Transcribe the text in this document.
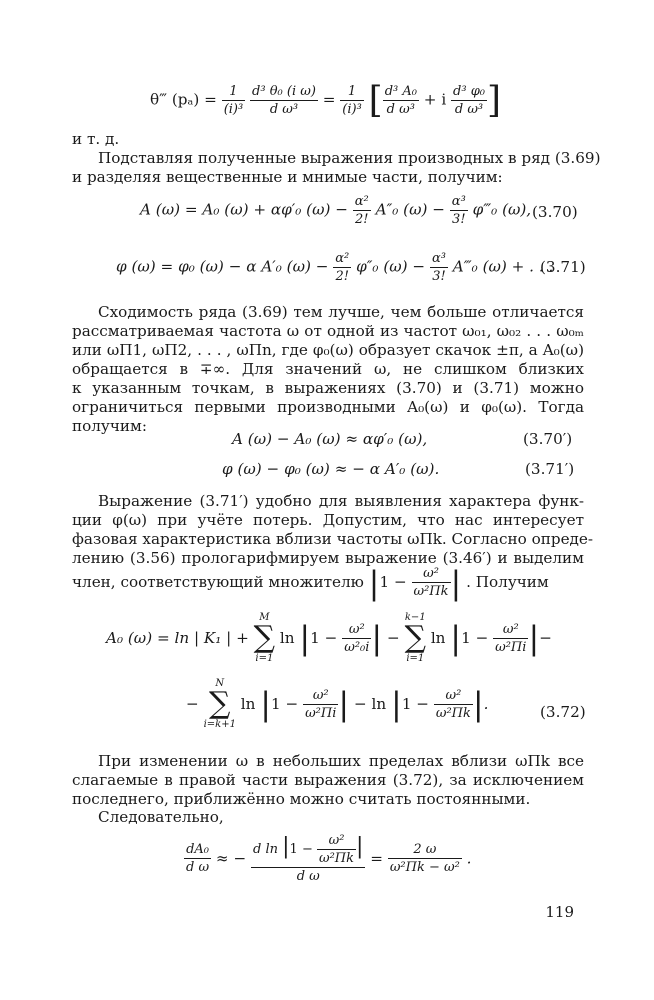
θ‴ $(p_a) = \frac{1}{\text{(i)³}}$
$\frac{\text{d³ θ₀ (i ω)}}{\text{d ω³}} = \frac{1}{\text{(i)³}}$ [ $\frac{\text{d³ A₀}}{\text{d ω³}} + i \frac{\text{d³ φ₀}}{\text{d ω³}}$ ]
и т. д.
Подставляя полученные выражения производных в ряд (3.69)
и разделяя вещественные и мнимые части, получим:
A (ω) = A₀ (ω) + αφ′₀ $(\omega) - \frac{\text{α²}}{2!} A''_0$ $(\omega) - \frac{\text{α³}}{3!}$ φ‴₀ (ω), (3.70)
φ (ω) = φ₀ (ω) − α A′₀ $(\omega) - \frac{\text{α²}}{2!} \varphi''_0$ $(\omega) - \frac{\text{α³}}{3!}$ A‴₀ (ω) + . . .
(3.71)
Сходимость ряда (3.69) тем лучше, чем больше отличается
рассматриваемая частота ω от одной из частот ω₀₁, ω₀₂ . . . ω₀ₘ
или ωП1, ωП2, . . . , ωПn, где φ₀(ω) образует скачок ±π, а A₀(ω)
обращается в ∓∞. Для значений ω, не слишком близких
к указанным точкам, в выражениях (3.70) и (3.71) можно
ограничиться первыми производными A₀(ω) и φ₀(ω). Тогда
получим:
A (ω) − A₀ (ω) ≈ αφ′₀ (ω),	(3.70′)
φ (ω) − φ₀ (ω) ≈ − α A′₀ (ω).	(3.71′)
Выражение (3.71′) удобно для выявления характера функ-
ции φ(ω) при учёте потерь. Допустим, что нас интересует
фазовая характеристика вблизи частоты ωПk. Согласно опреде-
лению (3.56) прологарифмируем выражение (3.46′) и выделим
член, соответствующий множителю $|1 - \frac{\text{ω²}}{\text{ω²Пk}}$ | . Получим
A₀ (ω) = ln | K₁ | +
M
∑
i=1
$\ln |1 - \frac{\text{ω²}}{\text{ω²₀i}}$ | −
k−1
∑
i=1
$\ln |1 - \frac{\text{ω²}}{\text{ω²Пi}}$ |−
−
N
∑
i=k+1
$\ln |1 - \frac{\text{ω²}}{\text{ω²Пi}}$ | − $\ln |1 - \frac{\text{ω²}}{\text{ω²Пk}}$ |.	(3.72)
При изменении ω в небольших пределах вблизи ωПk все
слагаемые в правой части выражения (3.72), за исключением
последнего, приближённо можно считать постоянными.
Следовательно,
$\frac{\text{dA₀}}{\text{d ω}}$ ≈ − $\frac{d \ln |1 - \frac{\text{ω²}}{\text{ω²Пk}} |}{\text{d ω}} = \frac{2 \omega}{\text{ω²Пk − ω²}}$ .
119
